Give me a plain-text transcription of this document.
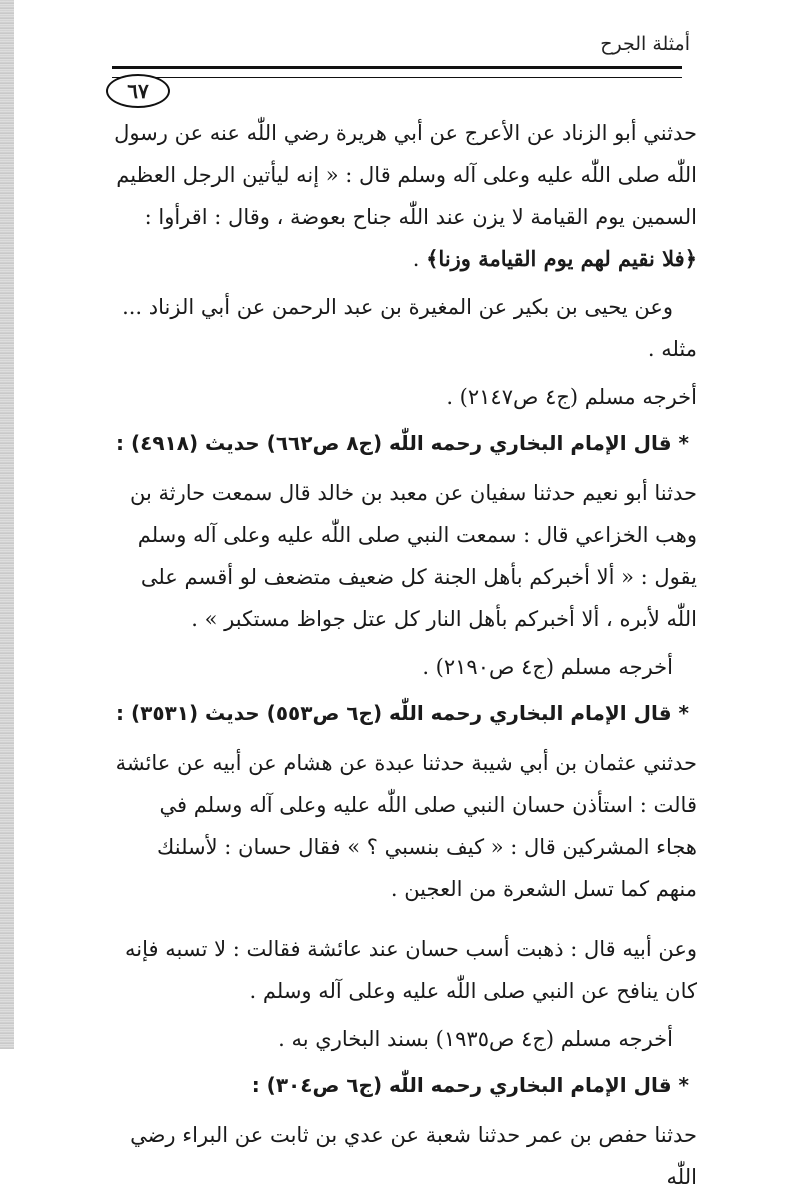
أمثلة الجرح
٦٧

حدثني أبو الزناد عن الأعرج عن أبي هريرة رضي اللّٰه عنه عن رسول اللّٰه صلى اللّٰه عليه وعلى آله وسلم قال : « إنه ليأتين الرجل العظيم السمين يوم القيامة لا يزن عند اللّٰه جناح بعوضة ، وقال : اقرأوا : ﴿فلا نقيم لهم يوم القيامة وزنا﴾ .

وعن يحيى بن بكير عن المغيرة بن عبد الرحمن عن أبي الزناد ... مثله .

أخرجه مسلم (ج٤ ص٢١٤٧) .

* قال الإمام البخاري رحمه اللّٰه (ج٨ ص٦٦٢) حديث (٤٩١٨) :

حدثنا أبو نعيم حدثنا سفيان عن معبد بن خالد قال سمعت حارثة بن وهب الخزاعي قال : سمعت النبي صلى اللّٰه عليه وعلى آله وسلم يقول : « ألا أخبركم بأهل الجنة كل ضعيف متضعف لو أقسم على اللّٰه لأبره ، ألا أخبركم بأهل النار كل عتل جواظ مستكبر » .

أخرجه مسلم (ج٤ ص٢١٩٠) .

* قال الإمام البخاري رحمه اللّٰه (ج٦ ص٥٥٣) حديث (٣٥٣١) :

حدثني عثمان بن أبي شيبة حدثنا عبدة عن هشام عن أبيه عن عائشة قالت : استأذن حسان النبي صلى اللّٰه عليه وعلى آله وسلم في هجاء المشركين قال : « كيف بنسبي ؟ » فقال حسان : لأسلنك منهم كما تسل الشعرة من العجين .

وعن أبيه قال : ذهبت أسب حسان عند عائشة فقالت : لا تسبه فإنه كان ينافح عن النبي صلى اللّٰه عليه وعلى آله وسلم .

أخرجه مسلم (ج٤ ص١٩٣٥) بسند البخاري به .

* قال الإمام البخاري رحمه اللّٰه (ج٦ ص٣٠٤) :

حدثنا حفص بن عمر حدثنا شعبة عن عدي بن ثابت عن البراء رضي اللّٰه
